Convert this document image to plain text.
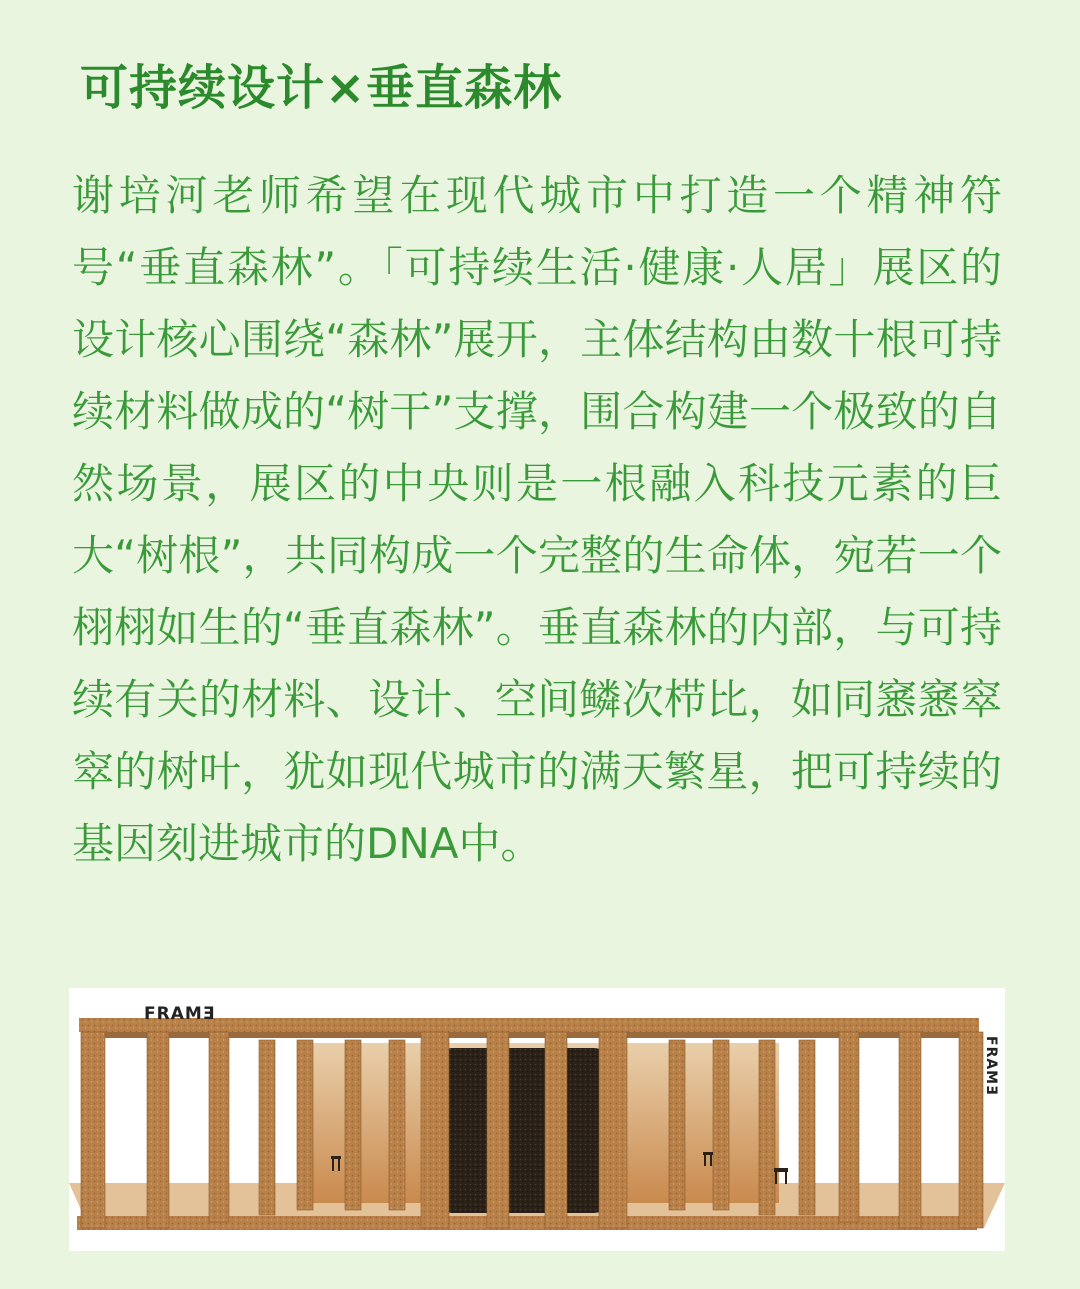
可持续设计×垂直森林

谢培河老师希望在现代城市中打造一个精神符号“垂直森林”。「可持续生活·健康·人居」展区的设计核心围绕“森林”展开，主体结构由数十根可持续材料做成的“树干”支撑，围合构建一个极致的自然场景，展区的中央则是一根融入科技元素的巨大“树根”，共同构成一个完整的生命体，宛若一个栩栩如生的“垂直森林”。垂直森林的内部，与可持续有关的材料、设计、空间鳞次栉比，如同窸窸窣窣的树叶，犹如现代城市的满天繁星，把可持续的基因刻进城市的DNA中。

FRAMƎ
FRAMƎ
